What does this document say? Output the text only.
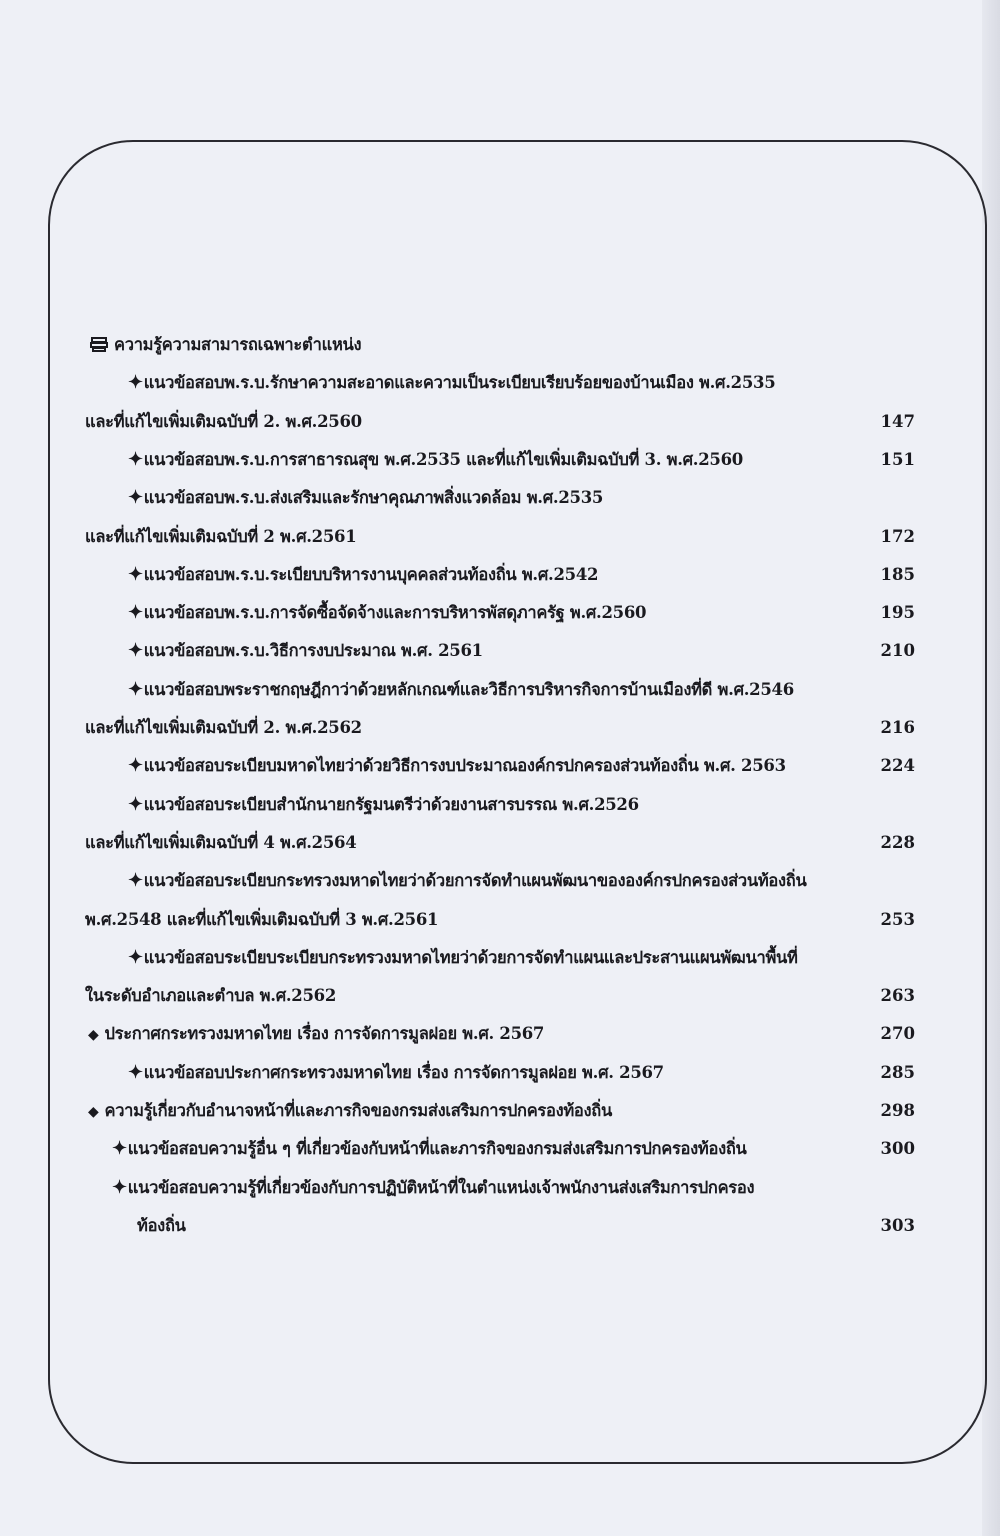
ความรู้ความสามารถเฉพาะตำแหน่ง
✦แนวข้อสอบพ.ร.บ.รักษาความสะอาดและความเป็นระเบียบเรียบร้อยของบ้านเมือง พ.ศ.2535
และที่แก้ไขเพิ่มเติมฉบับที่ 2. พ.ศ.2560	147
✦แนวข้อสอบพ.ร.บ.การสาธารณสุข พ.ศ.2535 และที่แก้ไขเพิ่มเติมฉบับที่ 3. พ.ศ.2560	151
✦แนวข้อสอบพ.ร.บ.ส่งเสริมและรักษาคุณภาพสิ่งแวดล้อม พ.ศ.2535
และที่แก้ไขเพิ่มเติมฉบับที่ 2 พ.ศ.2561	172
✦แนวข้อสอบพ.ร.บ.ระเบียบบริหารงานบุคคลส่วนท้องถิ่น พ.ศ.2542	185
✦แนวข้อสอบพ.ร.บ.การจัดซื้อจัดจ้างและการบริหารพัสดุภาครัฐ พ.ศ.2560	195
✦แนวข้อสอบพ.ร.บ.วิธีการงบประมาณ พ.ศ. 2561	210
✦แนวข้อสอบพระราชกฤษฎีกาว่าด้วยหลักเกณฑ์และวิธีการบริหารกิจการบ้านเมืองที่ดี พ.ศ.2546
และที่แก้ไขเพิ่มเติมฉบับที่ 2. พ.ศ.2562	216
✦แนวข้อสอบระเบียบมหาดไทยว่าด้วยวิธีการงบประมาณองค์กรปกครองส่วนท้องถิ่น พ.ศ. 2563	224
✦แนวข้อสอบระเบียบสำนักนายกรัฐมนตรีว่าด้วยงานสารบรรณ พ.ศ.2526
และที่แก้ไขเพิ่มเติมฉบับที่ 4 พ.ศ.2564	228
✦แนวข้อสอบระเบียบกระทรวงมหาดไทยว่าด้วยการจัดทำแผนพัฒนาขององค์กรปกครองส่วนท้องถิ่น
พ.ศ.2548 และที่แก้ไขเพิ่มเติมฉบับที่ 3 พ.ศ.2561	253
✦แนวข้อสอบระเบียบระเบียบกระทรวงมหาดไทยว่าด้วยการจัดทำแผนและประสานแผนพัฒนาพื้นที่
ในระดับอำเภอและตำบล พ.ศ.2562	263
◆ ประกาศกระทรวงมหาดไทย เรื่อง การจัดการมูลฝอย พ.ศ. 2567	270
✦แนวข้อสอบประกาศกระทรวงมหาดไทย เรื่อง การจัดการมูลฝอย พ.ศ. 2567	285
◆ ความรู้เกี่ยวกับอำนาจหน้าที่และภารกิจของกรมส่งเสริมการปกครองท้องถิ่น	298
✦แนวข้อสอบความรู้อื่น ๆ ที่เกี่ยวข้องกับหน้าที่และภารกิจของกรมส่งเสริมการปกครองท้องถิ่น	300
✦แนวข้อสอบความรู้ที่เกี่ยวข้องกับการปฏิบัติหน้าที่ในตำแหน่งเจ้าพนักงานส่งเสริมการปกครอง
ท้องถิ่น	303
